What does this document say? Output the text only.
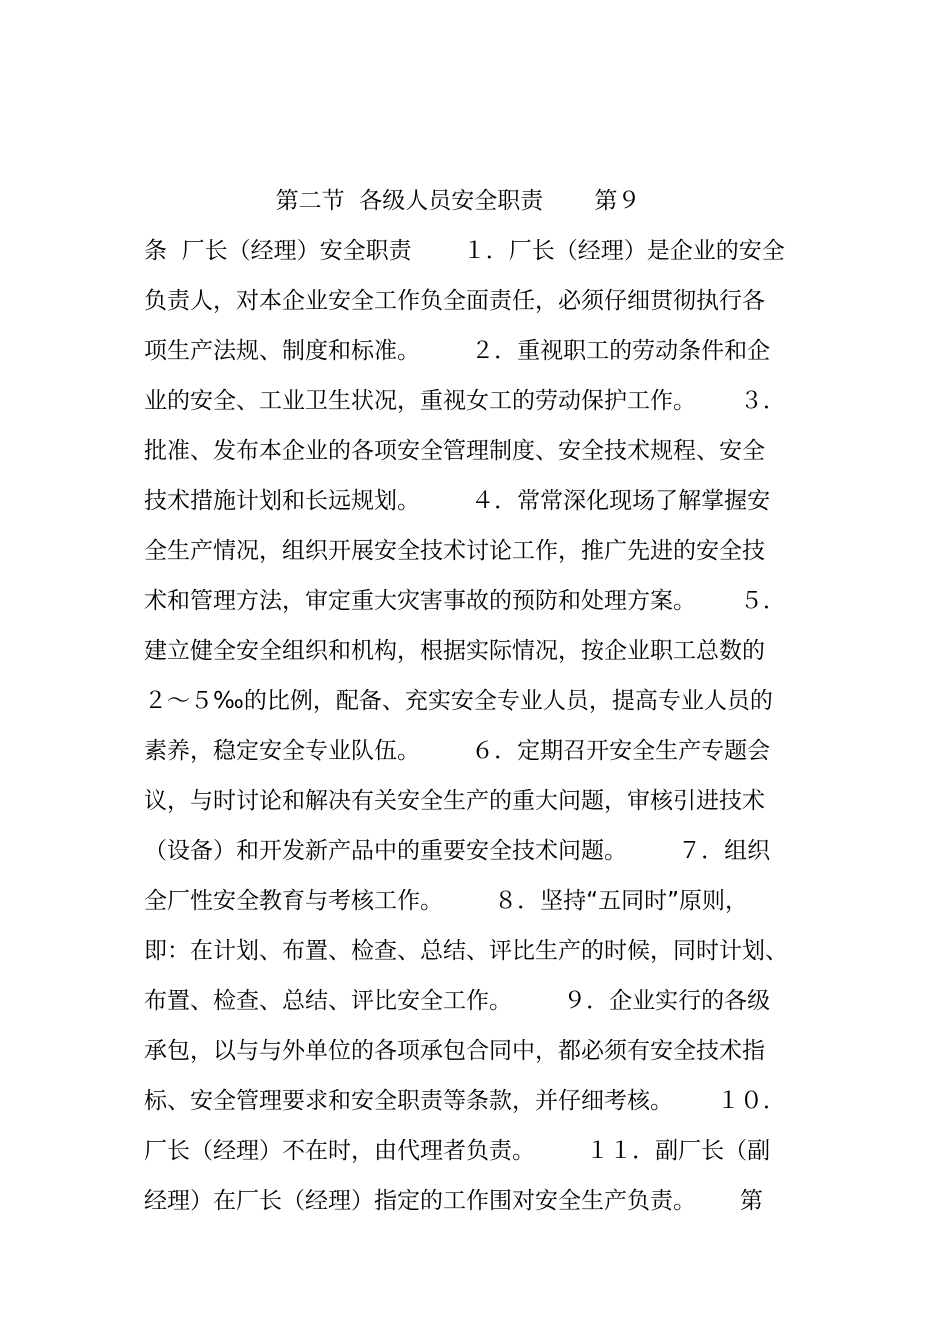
第二节  各级人员安全职责       第９
条  厂长（经理）安全职责       １．厂长（经理）是企业的安全
负责人，对本企业安全工作负全面责任，必须仔细贯彻执行各
项生产法规、制度和标准。       ２．重视职工的劳动条件和企
业的安全、工业卫生状况，重视女工的劳动保护工作。      ３．
批准、发布本企业的各项安全管理制度、安全技术规程、安全
技术措施计划和长远规划。       ４．常常深化现场了解掌握安
全生产情况，组织开展安全技术讨论工作，推广先进的安全技
术和管理方法，审定重大灾害事故的预防和处理方案。      ５．
建立健全安全组织和机构，根据实际情况，按企业职工总数的
２～５‰的比例，配备、充实安全专业人员，提高专业人员的
素养，稳定安全专业队伍。       ６．定期召开安全生产专题会
议，与时讨论和解决有关安全生产的重大问题，审核引进技术
（设备）和开发新产品中的重要安全技术问题。       ７．组织
全厂性安全教育与考核工作。       ８．坚持“五同时”原则，
即：在计划、布置、检查、总结、评比生产的时候，同时计划、
布置、检查、总结、评比安全工作。       ９．企业实行的各级
承包，以与与外单位的各项承包合同中，都必须有安全技术指
标、安全管理要求和安全职责等条款，并仔细考核。      １０．
厂长（经理）不在时，由代理者负责。       １１．副厂长（副
经理）在厂长（经理）指定的工作围对安全生产负责。      第
